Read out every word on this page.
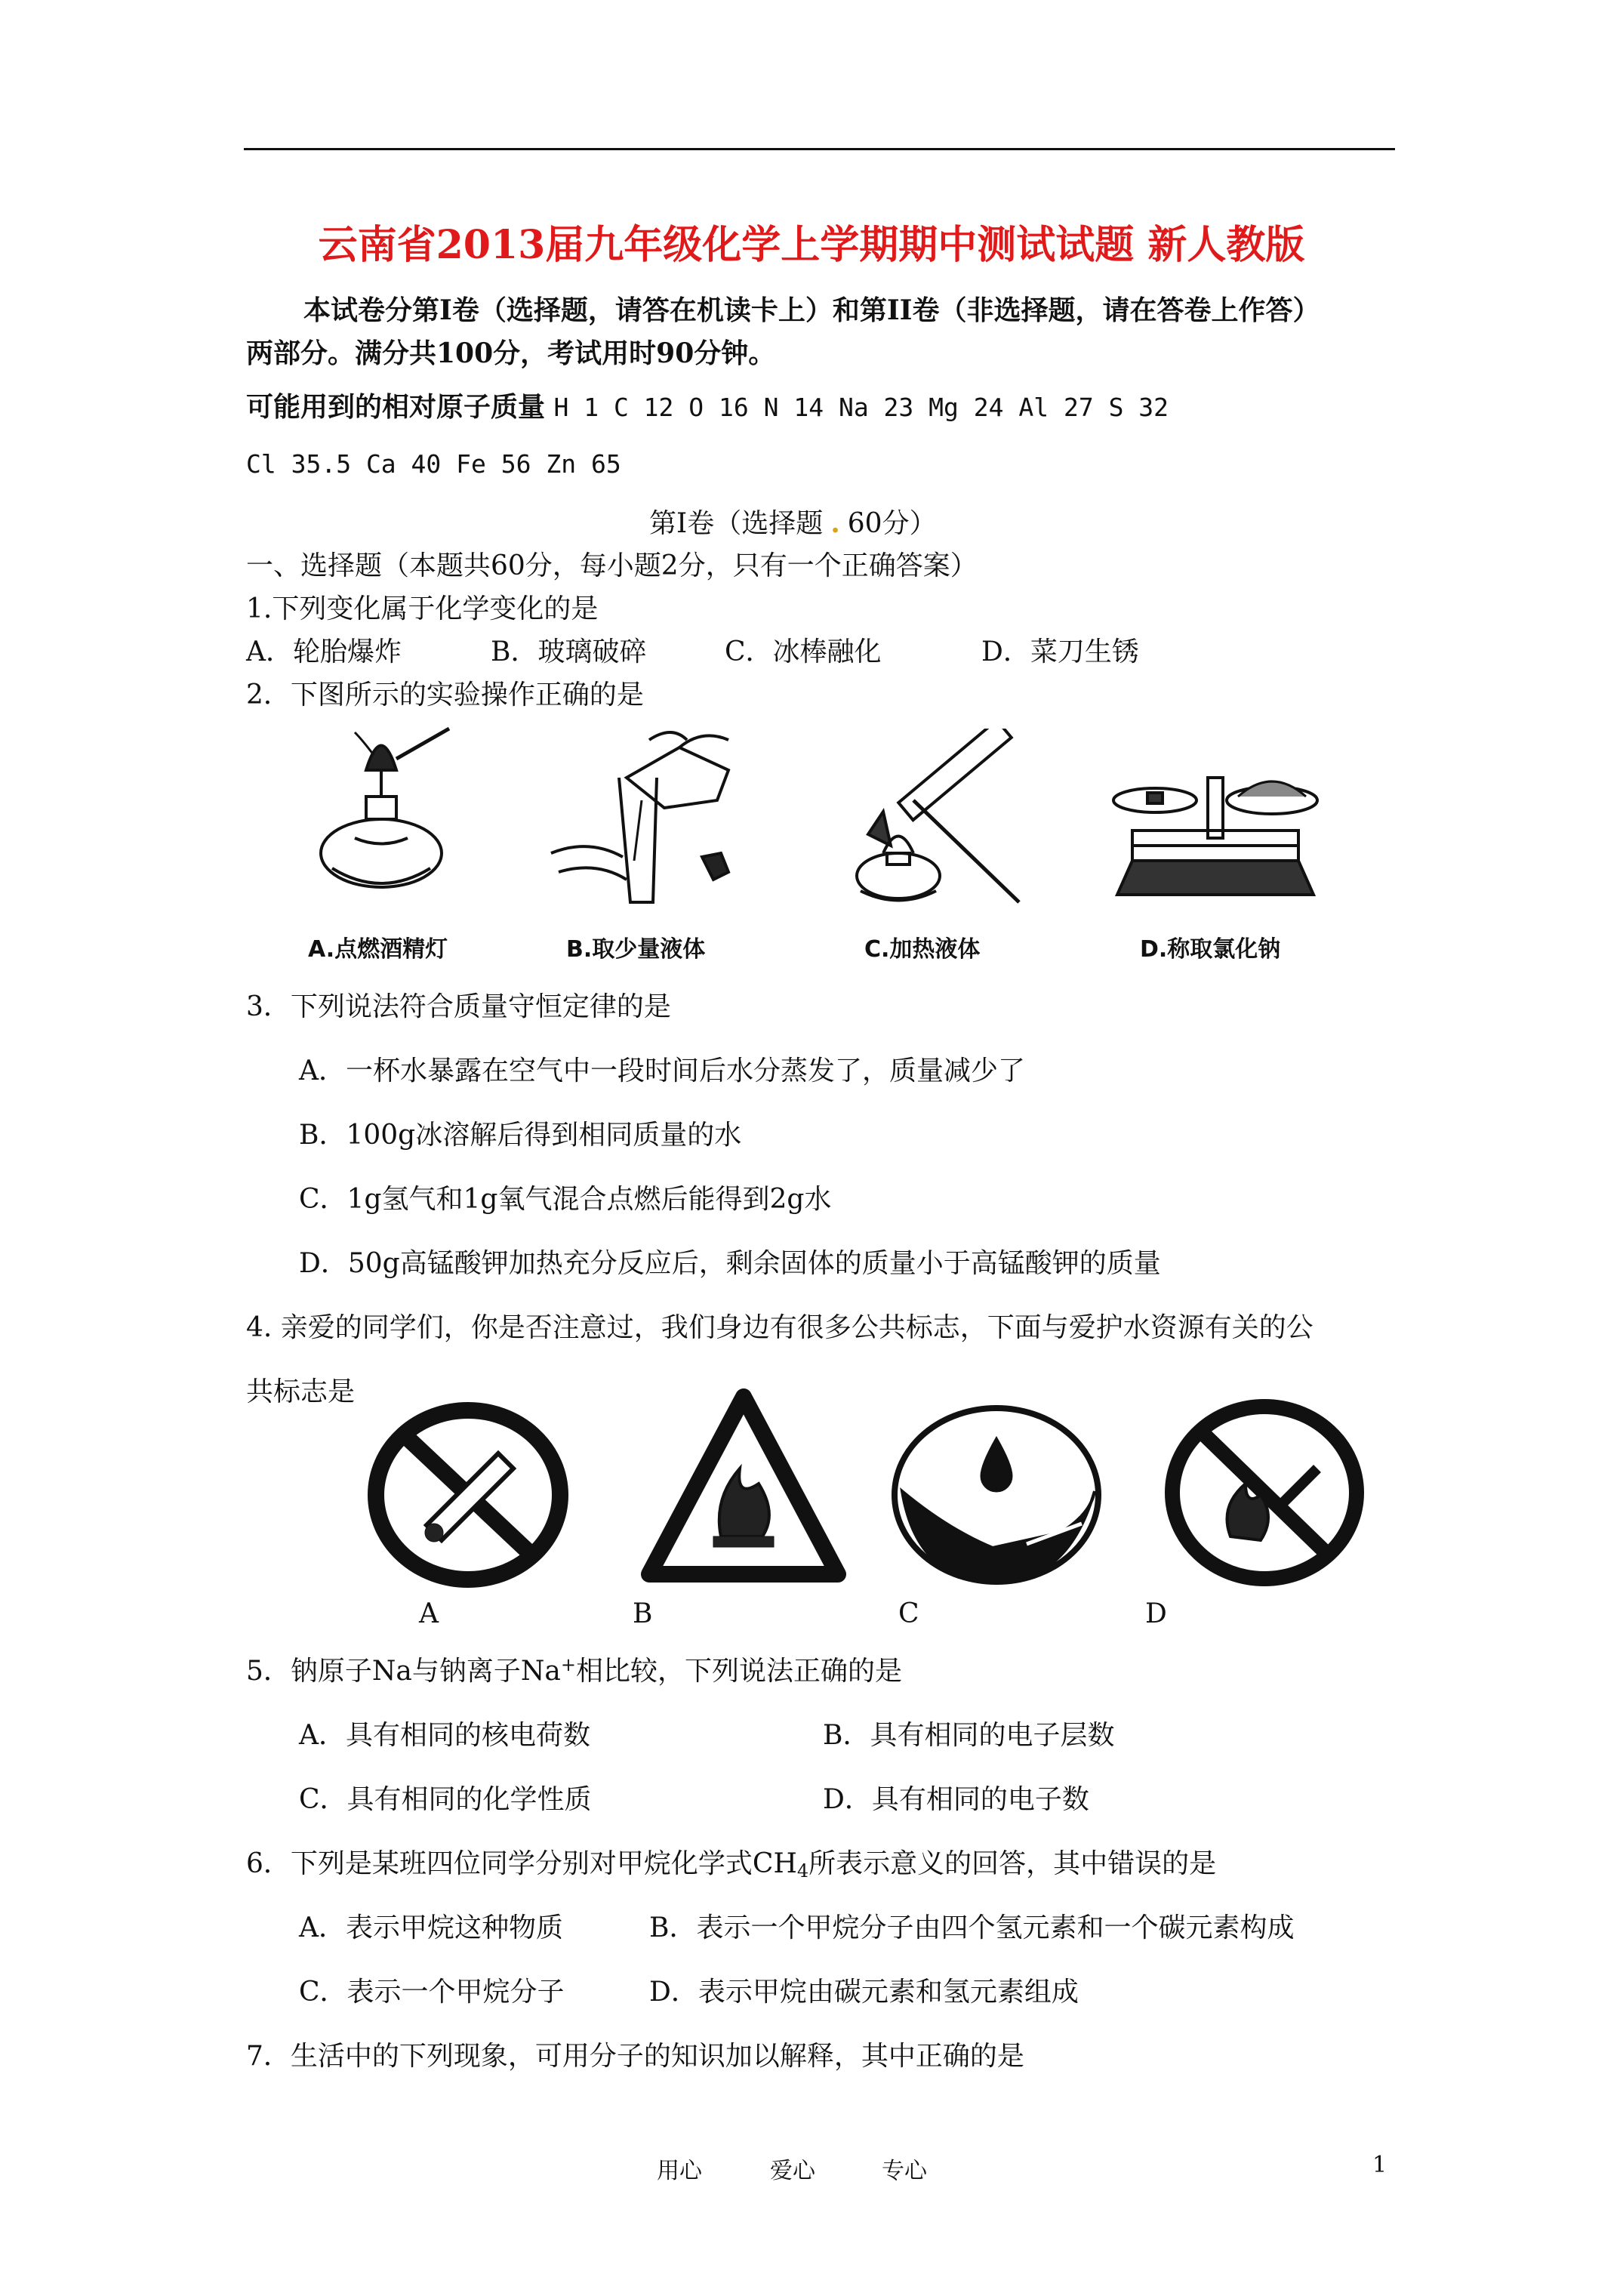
云南省2013届九年级化学上学期期中测试试题 新人教版
本试卷分第Ⅰ卷（选择题，请答在机读卡上）和第II卷（非选择题，请在答卷上作答）
两部分。满分共100分，考试用时90分钟。
可能用到的相对原子质量 H 1 C 12 O 16 N 14 Na 23 Mg 24 Al 27 S 32
Cl 35.5 Ca 40 Fe 56 Zn 65
第Ⅰ卷（选择题 . 60分）
一、选择题（本题共60分，每小题2分，只有一个正确答案）
1.下列变化属于化学变化的是
A．轮胎爆炸	B．玻璃破碎	C．冰棒融化	D．菜刀生锈
2．下图所示的实验操作正确的是
A.点燃酒精灯	B.取少量液体	C.加热液体	D.称取氯化钠
3．下列说法符合质量守恒定律的是
A．一杯水暴露在空气中一段时间后水分蒸发了，质量减少了
B．100g冰溶解后得到相同质量的水
C．1g氢气和1g氧气混合点燃后能得到2g水
D．50g高锰酸钾加热充分反应后，剩余固体的质量小于高锰酸钾的质量
4. 亲爱的同学们，你是否注意过，我们身边有很多公共标志，下面与爱护水资源有关的公
共标志是
A	B	C	D
5．钠原子Na与钠离子Na+相比较，下列说法正确的是
A．具有相同的核电荷数	B．具有相同的电子层数
C．具有相同的化学性质	D．具有相同的电子数
6．下列是某班四位同学分别对甲烷化学式$CH_4$所表示意义的回答，其中错误的是
A．表示甲烷这种物质	B．表示一个甲烷分子由四个氢元素和一个碳元素构成
C．表示一个甲烷分子	D．表示甲烷由碳元素和氢元素组成
7．生活中的下列现象，可用分子的知识加以解释，其中正确的是
用心	爱心	专心	1
